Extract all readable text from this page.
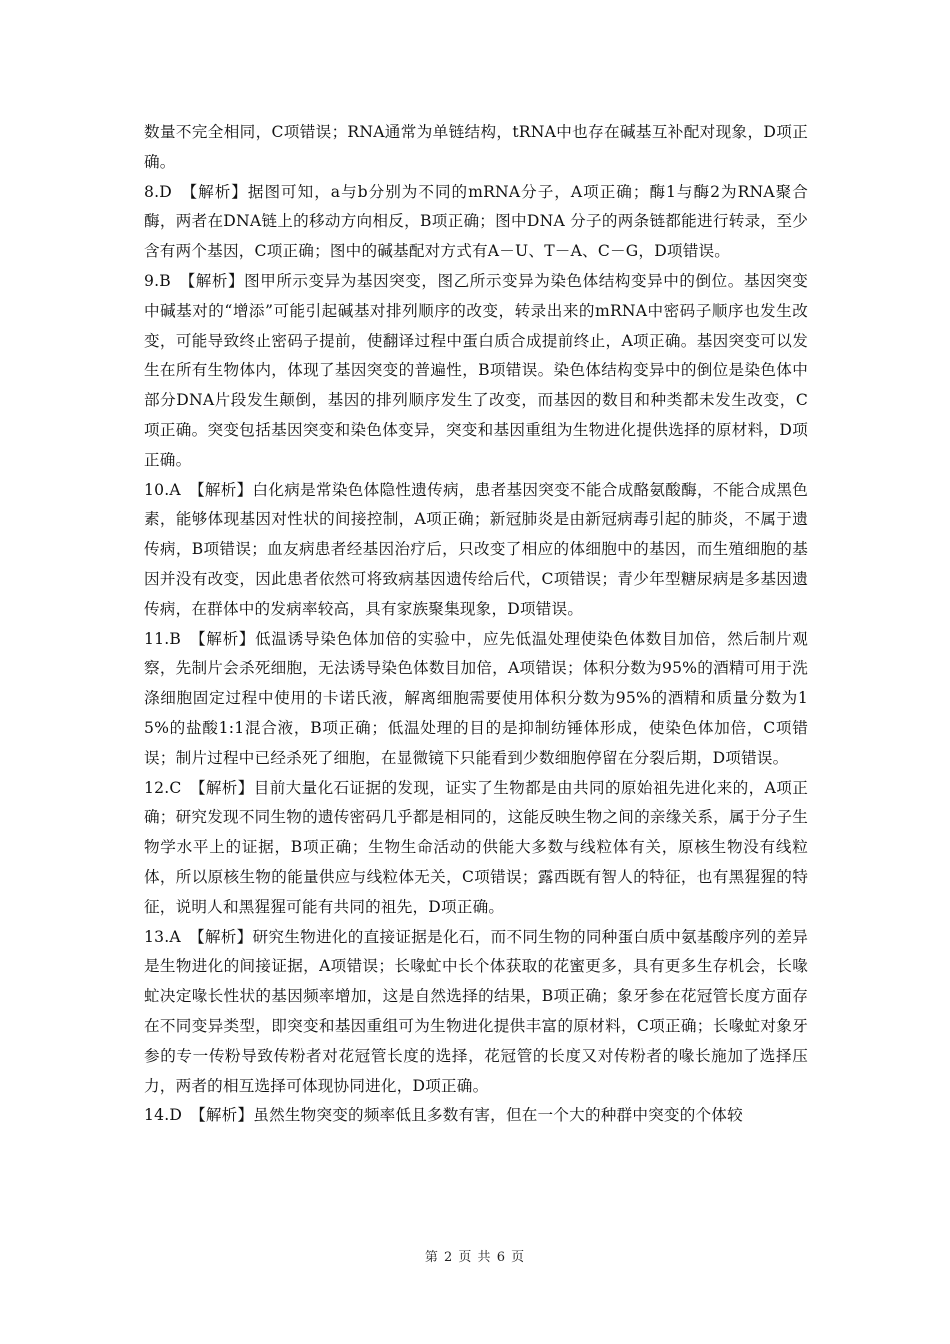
数量不完全相同，C项错误；RNA通常为单链结构，tRNA中也存在碱基互补配对现象，D项正确。

8.D　【解析】据图可知，a与b分别为不同的mRNA分子，A项正确；酶1与酶2为RNA聚合酶，两者在DNA链上的移动方向相反，B项正确；图中DNA 分子的两条链都能进行转录，至少含有两个基因，C项正确；图中的碱基配对方式有A－U、T－A、C－G，D项错误。

9.B　【解析】图甲所示变异为基因突变，图乙所示变异为染色体结构变异中的倒位。基因突变中碱基对的“增添”可能引起碱基对排列顺序的改变，转录出来的mRNA中密码子顺序也发生改变，可能导致终止密码子提前，使翻译过程中蛋白质合成提前终止，A项正确。基因突变可以发生在所有生物体内，体现了基因突变的普遍性，B项错误。染色体结构变异中的倒位是染色体中部分DNA片段发生颠倒，基因的排列顺序发生了改变，而基因的数目和种类都未发生改变，C项正确。突变包括基因突变和染色体变异，突变和基因重组为生物进化提供选择的原材料，D项正确。

10.A　【解析】白化病是常染色体隐性遗传病，患者基因突变不能合成酪氨酸酶，不能合成黑色素，能够体现基因对性状的间接控制，A项正确；新冠肺炎是由新冠病毒引起的肺炎，不属于遗传病，B项错误；血友病患者经基因治疗后，只改变了相应的体细胞中的基因，而生殖细胞的基因并没有改变，因此患者依然可将致病基因遗传给后代，C项错误；青少年型糖尿病是多基因遗传病，在群体中的发病率较高，具有家族聚集现象，D项错误。

11.B　【解析】低温诱导染色体加倍的实验中，应先低温处理使染色体数目加倍，然后制片观察，先制片会杀死细胞，无法诱导染色体数目加倍，A项错误；体积分数为95%的酒精可用于洗涤细胞固定过程中使用的卡诺氏液，解离细胞需要使用体积分数为95%的酒精和质量分数为15%的盐酸1:1混合液，B项正确；低温处理的目的是抑制纺锤体形成，使染色体加倍，C项错误；制片过程中已经杀死了细胞，在显微镜下只能看到少数细胞停留在分裂后期，D项错误。

12.C　【解析】目前大量化石证据的发现，证实了生物都是由共同的原始祖先进化来的，A项正确；研究发现不同生物的遗传密码几乎都是相同的，这能反映生物之间的亲缘关系，属于分子生物学水平上的证据，B项正确；生物生命活动的供能大多数与线粒体有关，原核生物没有线粒体，所以原核生物的能量供应与线粒体无关，C项错误；露西既有智人的特征，也有黑猩猩的特征，说明人和黑猩猩可能有共同的祖先，D项正确。

13.A　【解析】研究生物进化的直接证据是化石，而不同生物的同种蛋白质中氨基酸序列的差异是生物进化的间接证据，A项错误；长喙虻中长个体获取的花蜜更多，具有更多生存机会，长喙虻决定喙长性状的基因频率增加，这是自然选择的结果，B项正确；象牙参在花冠管长度方面存在不同变异类型，即突变和基因重组可为生物进化提供丰富的原材料，C项正确；长喙虻对象牙参的专一传粉导致传粉者对花冠管长度的选择，花冠管的长度又对传粉者的喙长施加了选择压力，两者的相互选择可体现协同进化，D项正确。

14.D　【解析】虽然生物突变的频率低且多数有害，但在一个大的种群中突变的个体较

第 2 页 共 6 页
